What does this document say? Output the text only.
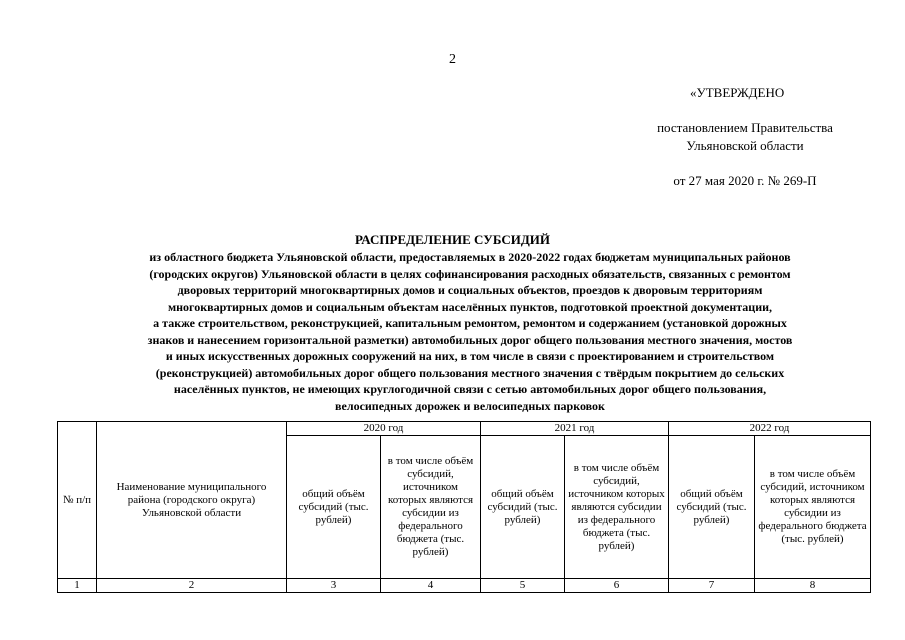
2
«УТВЕРЖДЕНО
постановлением Правительства
Ульяновской области
от 27 мая 2020 г. № 269-П
РАСПРЕДЕЛЕНИЕ СУБСИДИЙ
из областного бюджета Ульяновской области, предоставляемых в 2020-2022 годах бюджетам муниципальных районов
(городских округов) Ульяновской области в целях софинансирования расходных обязательств, связанных с ремонтом
дворовых территорий многоквартирных домов и социальных объектов, проездов к дворовым территориям
многоквартирных домов и социальным объектам населённых пунктов, подготовкой проектной документации,
а также строительством, реконструкцией, капитальным ремонтом, ремонтом и содержанием (установкой дорожных
знаков и нанесением горизонтальной разметки) автомобильных дорог общего пользования местного значения, мостов
и иных искусственных дорожных сооружений на них, в том числе в связи с проектированием и строительством
(реконструкцией) автомобильных дорог общего пользования местного значения с твёрдым покрытием до сельских
населённых пунктов, не имеющих круглогодичной связи с сетью автомобильных дорог общего пользования,
велосипедных дорожек и велосипедных парковок
№ п/п	Наименование муниципального района (городского округа) Ульяновской области	2020 год		2021 год		2022 год	
		общий объём субсидий (тыс. рублей)	в том числе объём субсидий, источником которых являются субсидии из федерального бюджета (тыс. рублей)	общий объём субсидий (тыс. рублей)	в том числе объём субсидий, источником которых являются субсидии из федерального бюджета (тыс. рублей)	общий объём субсидий (тыс. рублей)	в том числе объём субсидий, источником которых являются субсидии из федерального бюджета (тыс. рублей)
1	2	3	4	5	6	7	8
